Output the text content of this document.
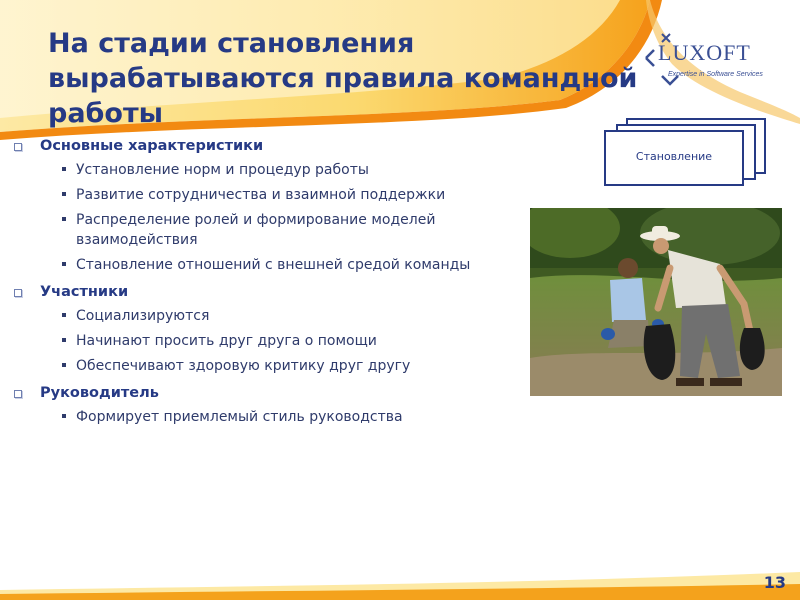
На стадии становления вырабатываются правила командной работы
LUXOFT
Expertise in Software Services
Основные характеристики
Установление норм и процедур работы
Развитие сотрудничества и взаимной поддержки
Распределение ролей и формирование моделей взаимодействия
Становление отношений с внешней средой команды
Участники
Социализируются
Начинают просить друг друга о помощи
Обеспечивают здоровую критику друг другу
Руководитель
Формирует приемлемый стиль руководства
Становление
13
